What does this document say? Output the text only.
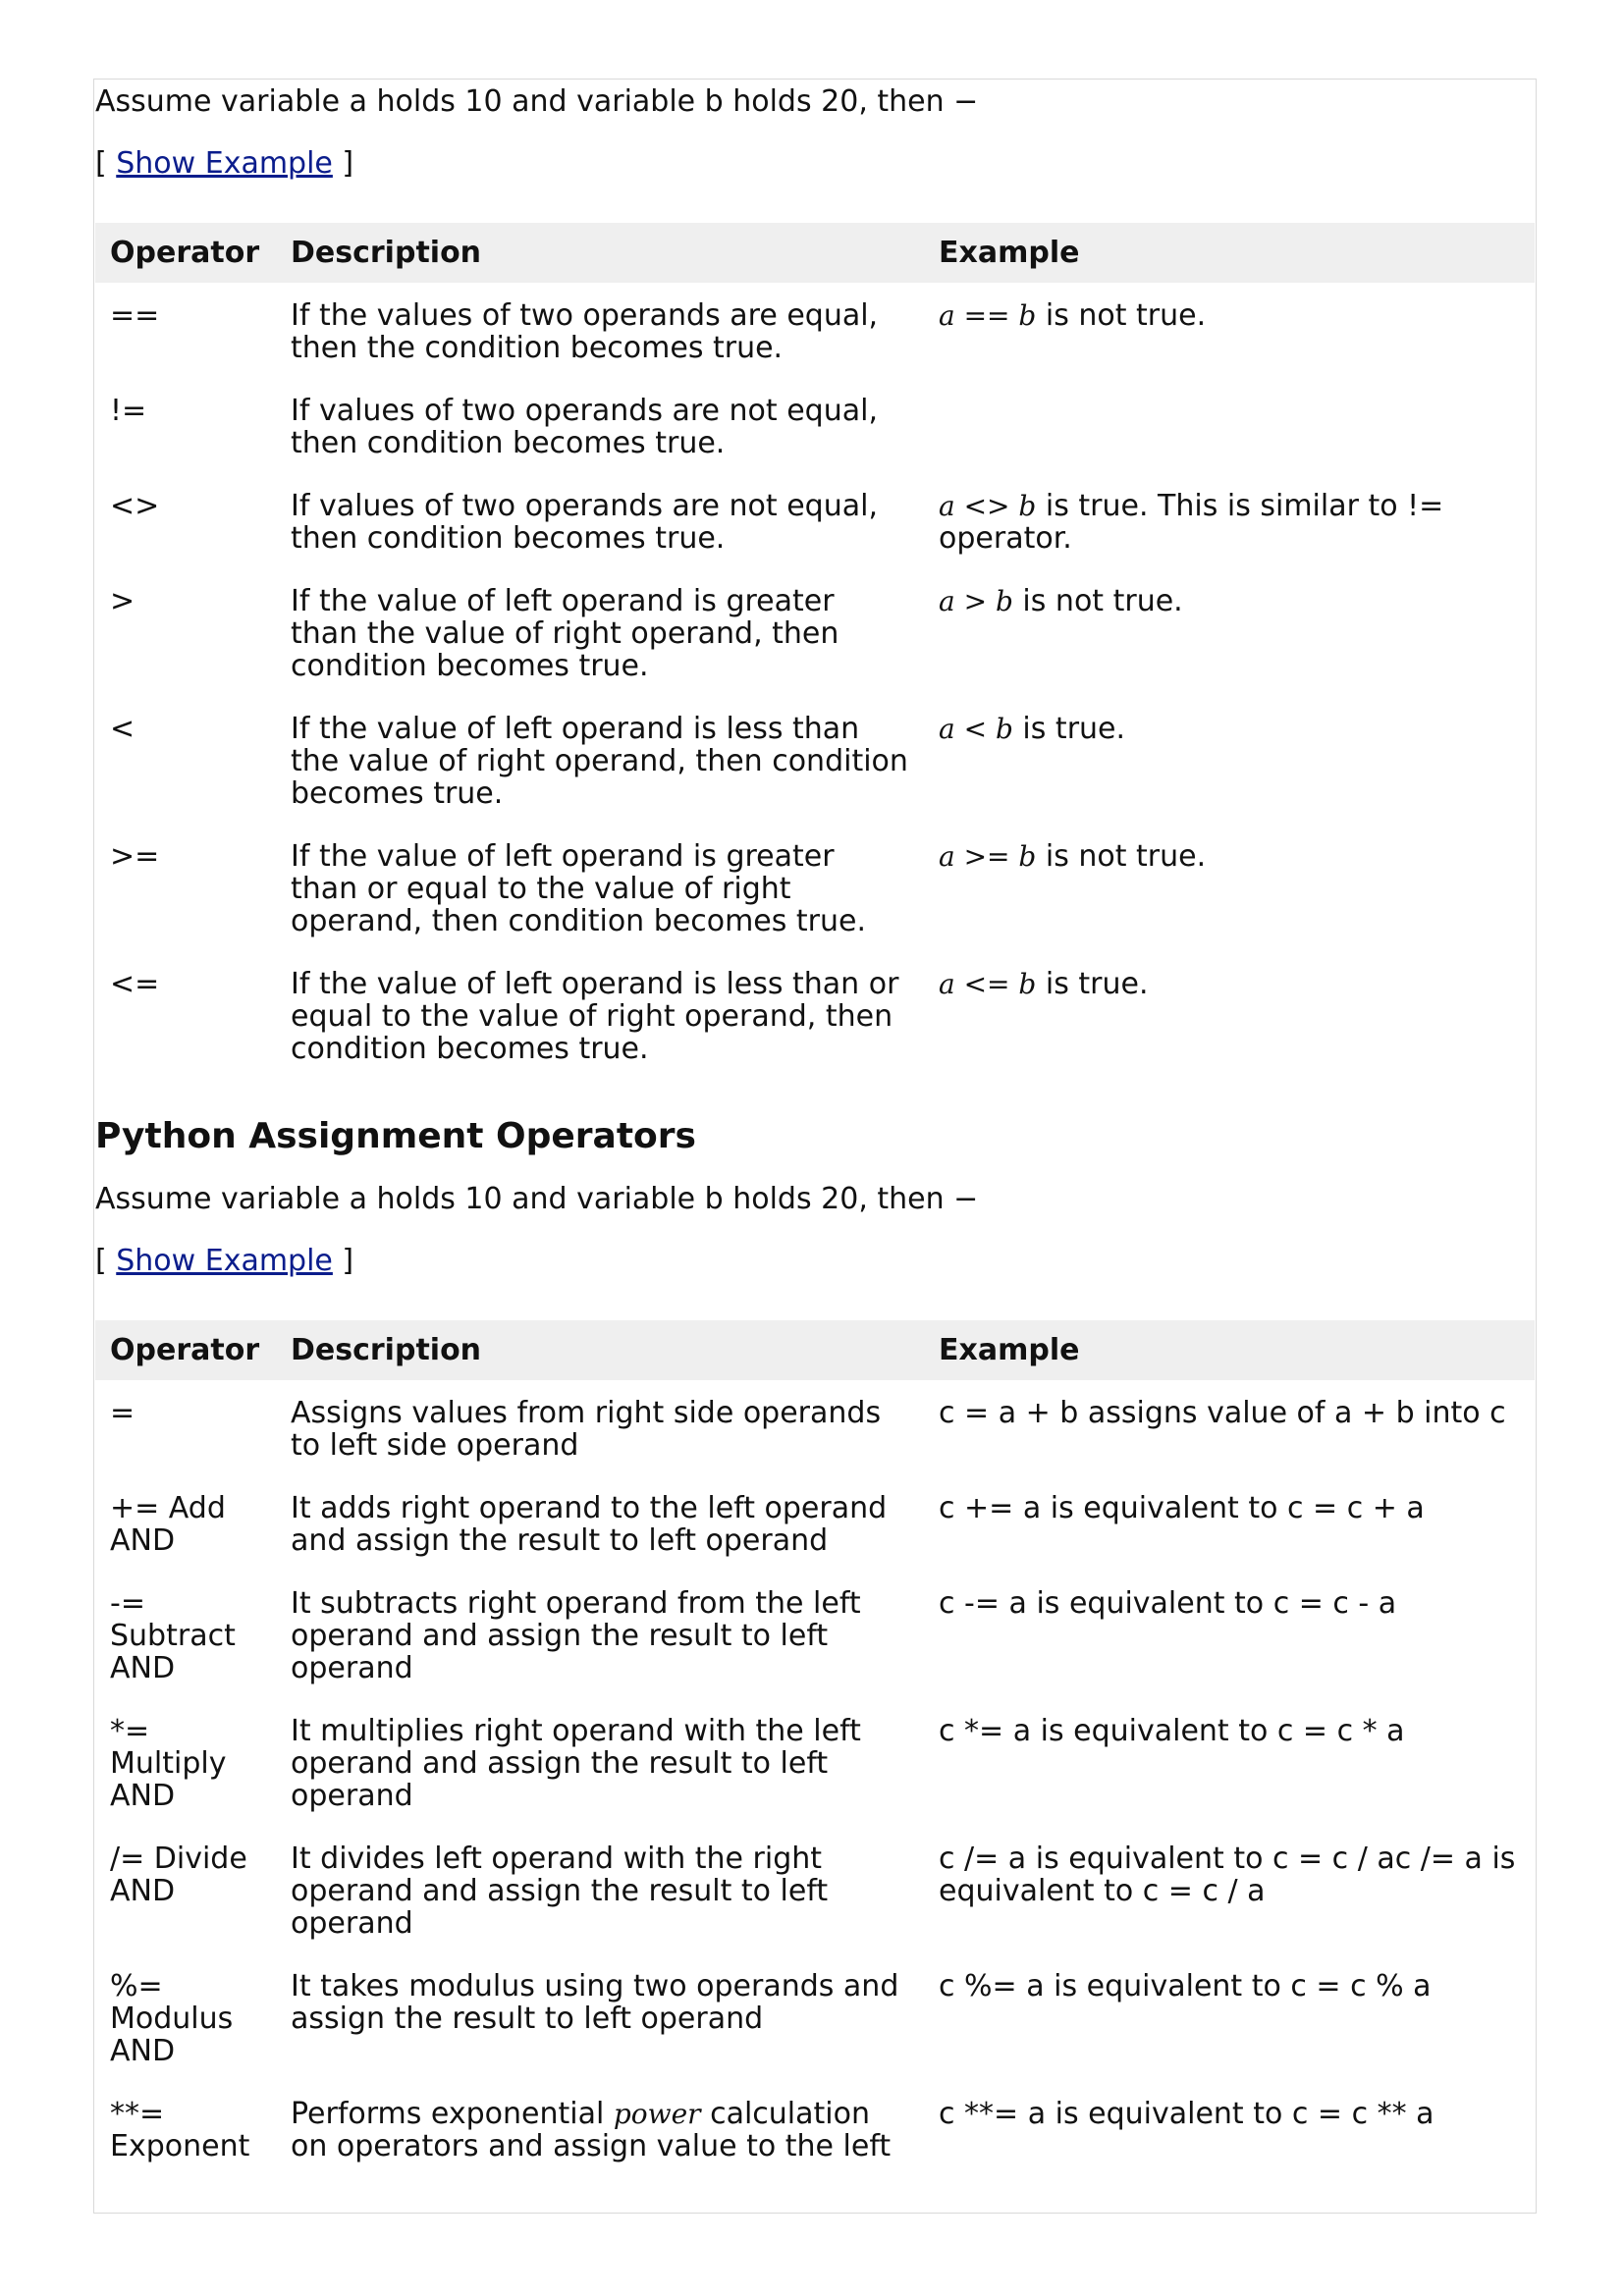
Assume variable a holds 10 and variable b holds 20, then −

[ Show Example ]

Operator	Description	Example
==	If the values of two operands are equal, then the condition becomes true.	a == b is not true.
!=	If values of two operands are not equal, then condition becomes true.	
<>	If values of two operands are not equal, then condition becomes true.	a <> b is true. This is similar to != operator.
>	If the value of left operand is greater than the value of right operand, then condition becomes true.	a > b is not true.
<	If the value of left operand is less than the value of right operand, then condition becomes true.	a < b is true.
>=	If the value of left operand is greater than or equal to the value of right operand, then condition becomes true.	a >= b is not true.
<=	If the value of left operand is less than or equal to the value of right operand, then condition becomes true.	a <= b is true.
Python Assignment Operators

Assume variable a holds 10 and variable b holds 20, then −

[ Show Example ]

Operator	Description	Example
=	Assigns values from right side operands to left side operand	c = a + b assigns value of a + b into c
+= Add AND	It adds right operand to the left operand and assign the result to left operand	c += a is equivalent to c = c + a
-= Subtract AND	It subtracts right operand from the left operand and assign the result to left operand	c -= a is equivalent to c = c - a
*= Multiply AND	It multiplies right operand with the left operand and assign the result to left operand	c *= a is equivalent to c = c * a
/= Divide AND	It divides left operand with the right operand and assign the result to left operand	c /= a is equivalent to c = c / ac /= a is equivalent to c = c / a
%= Modulus AND	It takes modulus using two operands and assign the result to left operand	c %= a is equivalent to c = c % a
**= Exponent	Performs exponential power calculation on operators and assign value to the left	c **= a is equivalent to c = c ** a
